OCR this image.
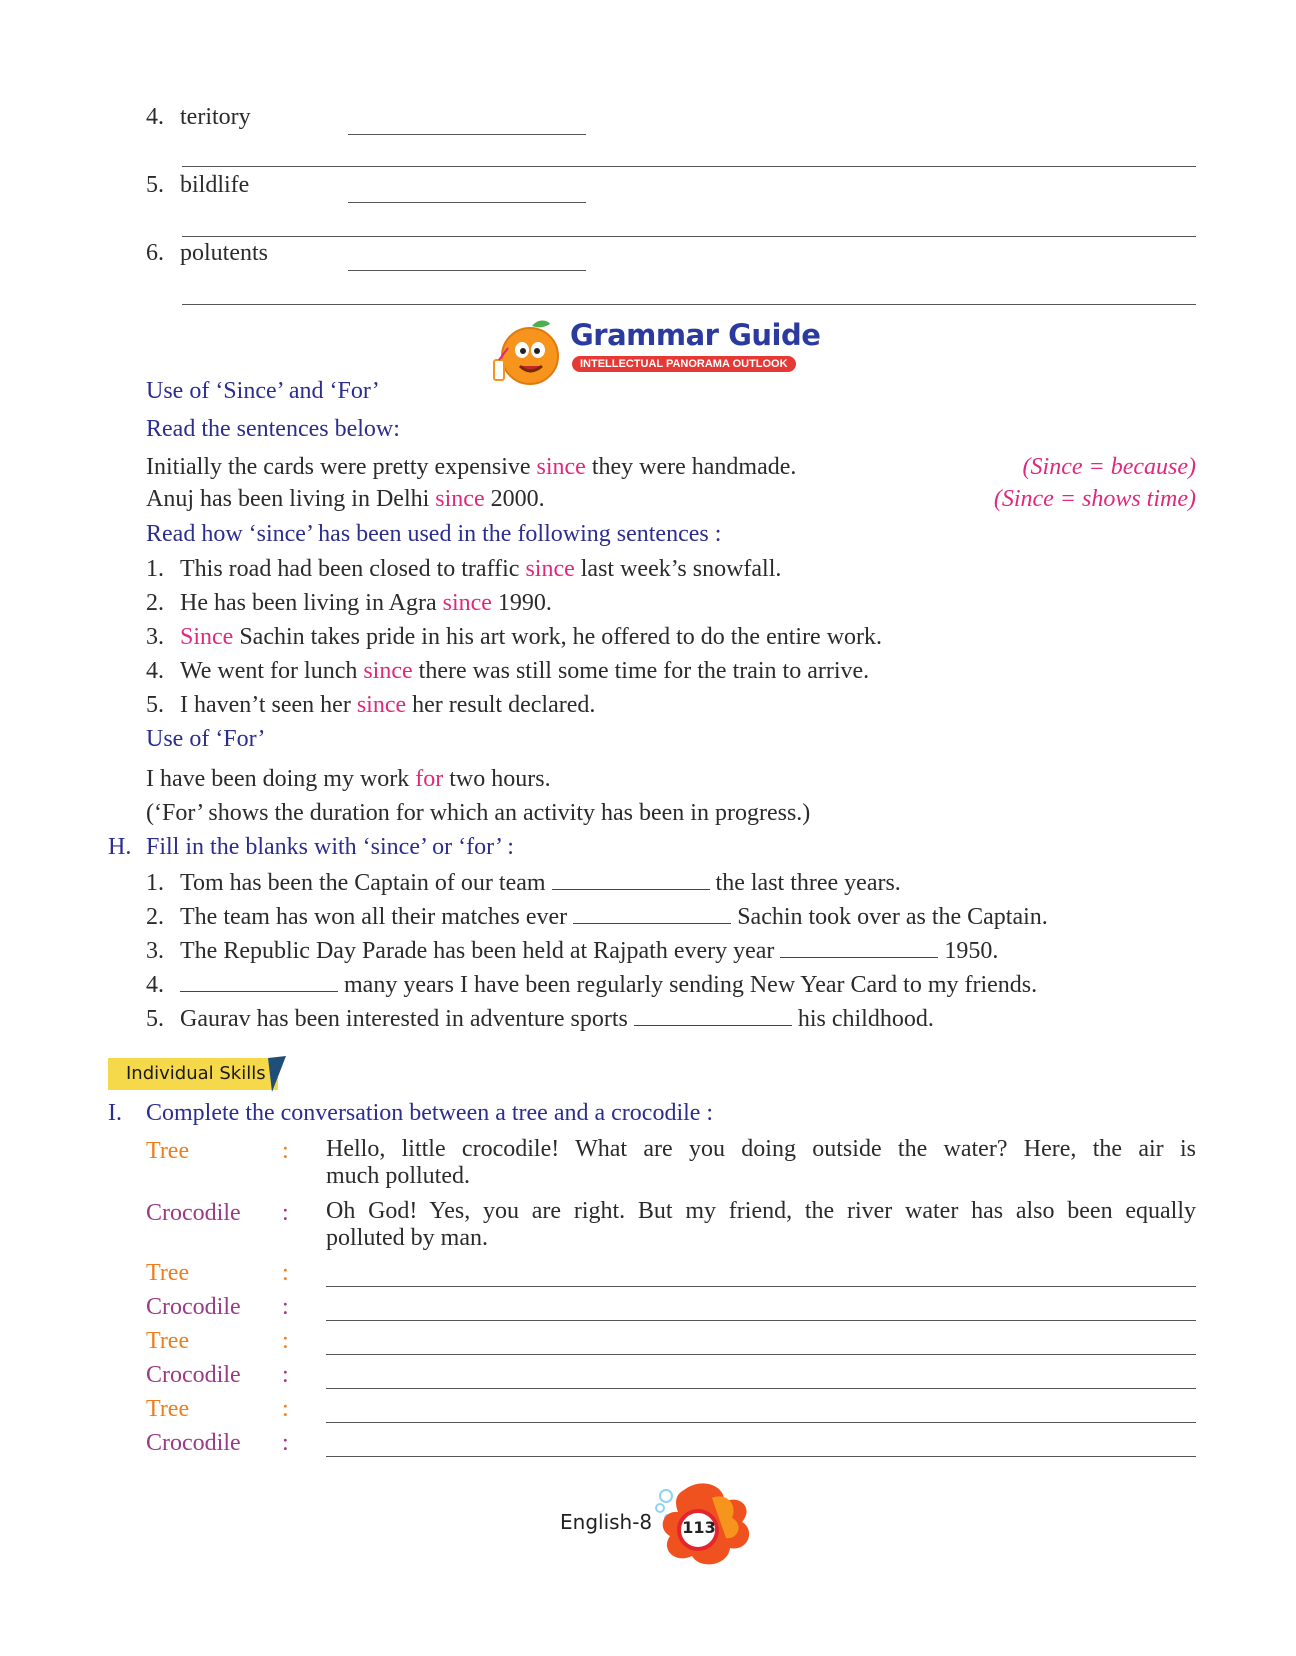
4. teritory
5. bildlife
6. polutents
Grammar Guide
INTELLECTUAL PANORAMA OUTLOOK
Use of ‘Since’ and ‘For’
Read the sentences below:
Initially the cards were pretty expensive since they were handmade.	(Since = because)
Anuj has been living in Delhi since 2000.	(Since = shows time)
Read how ‘since’ has been used in the following sentences :
1. This road had been closed to traffic since last week’s snowfall.
2. He has been living in Agra since 1990.
3. Since Sachin takes pride in his art work, he offered to do the entire work.
4. We went for lunch since there was still some time for the train to arrive.
5. I haven’t seen her since her result declared.
Use of ‘For’
I have been doing my work for two hours.
(‘For’ shows the duration for which an activity has been in progress.)
H. Fill in the blanks with ‘since’ or ‘for’ :
1. Tom has been the Captain of our team	the last three years.
2. The team has won all their matches ever	Sachin took over as the Captain.
3. The Republic Day Parade has been held at Rajpath every year	1950.
4.	many years I have been regularly sending New Year Card to my friends.
5. Gaurav has been interested in adventure sports	his childhood.
Individual Skills
I. Complete the conversation between a tree and a crocodile :
Tree	:	Hello, little crocodile! What are you doing outside the water? Here, the air is
much polluted.
Crocodile	:	Oh God! Yes, you are right. But my friend, the river water has also been equally
polluted by man.
Tree	:
Crocodile	:
Tree	:
Crocodile	:
Tree	:
Crocodile	:
English-8 113
